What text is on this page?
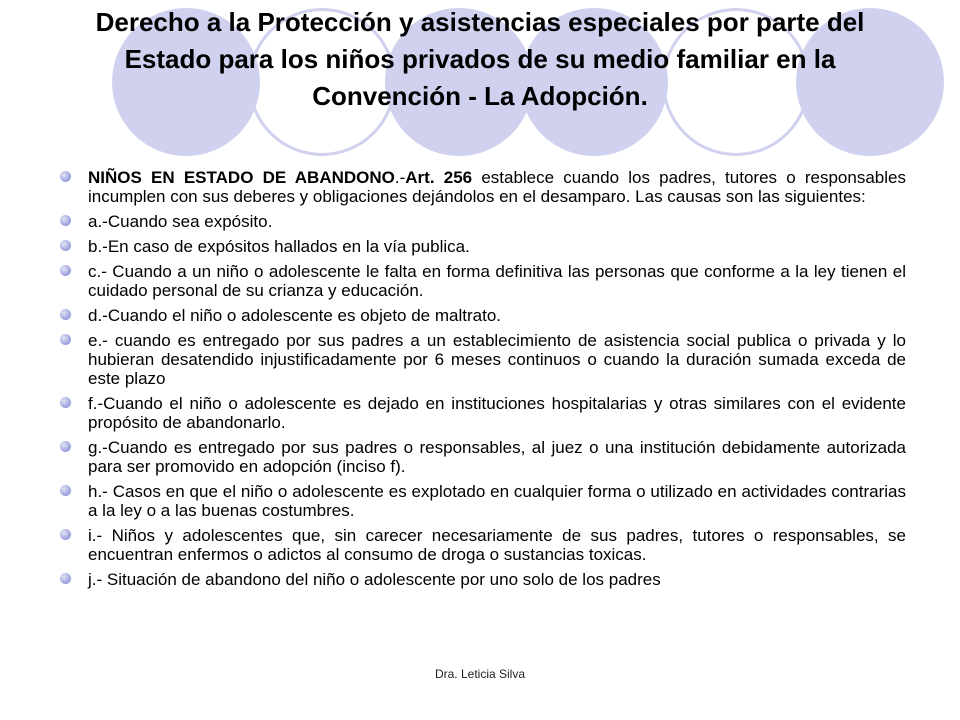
Derecho a la Protección y asistencias especiales por parte del Estado para los niños privados de su medio familiar en la Convención - La Adopción.
NIÑOS EN ESTADO DE ABANDONO.-Art. 256 establece cuando los padres, tutores o responsables incumplen con sus deberes y obligaciones dejándolos en el desamparo. Las causas son las siguientes:
a.-Cuando sea expósito.
b.-En caso de expósitos hallados en la vía publica.
c.- Cuando a un niño o adolescente le falta en forma definitiva las personas que conforme a la ley tienen el cuidado personal de su crianza y educación.
d.-Cuando el niño o adolescente es objeto de maltrato.
e.- cuando es entregado por sus padres a un establecimiento de asistencia social publica o privada y lo hubieran desatendido injustificadamente por 6 meses continuos o cuando la duración sumada exceda de este plazo
f.-Cuando el niño o adolescente es dejado en instituciones hospitalarias y otras similares con el evidente propósito de abandonarlo.
g.-Cuando es entregado por sus padres o responsables, al juez o una institución debidamente autorizada para ser promovido en adopción (inciso f).
h.- Casos en que el niño o adolescente es explotado en cualquier forma o utilizado en actividades contrarias a la ley o a las buenas costumbres.
i.- Niños y adolescentes que, sin carecer necesariamente de sus padres, tutores o responsables, se encuentran enfermos o adictos al consumo de droga o sustancias toxicas.
j.- Situación de abandono del niño o adolescente por uno solo de los padres
Dra. Leticia Silva
